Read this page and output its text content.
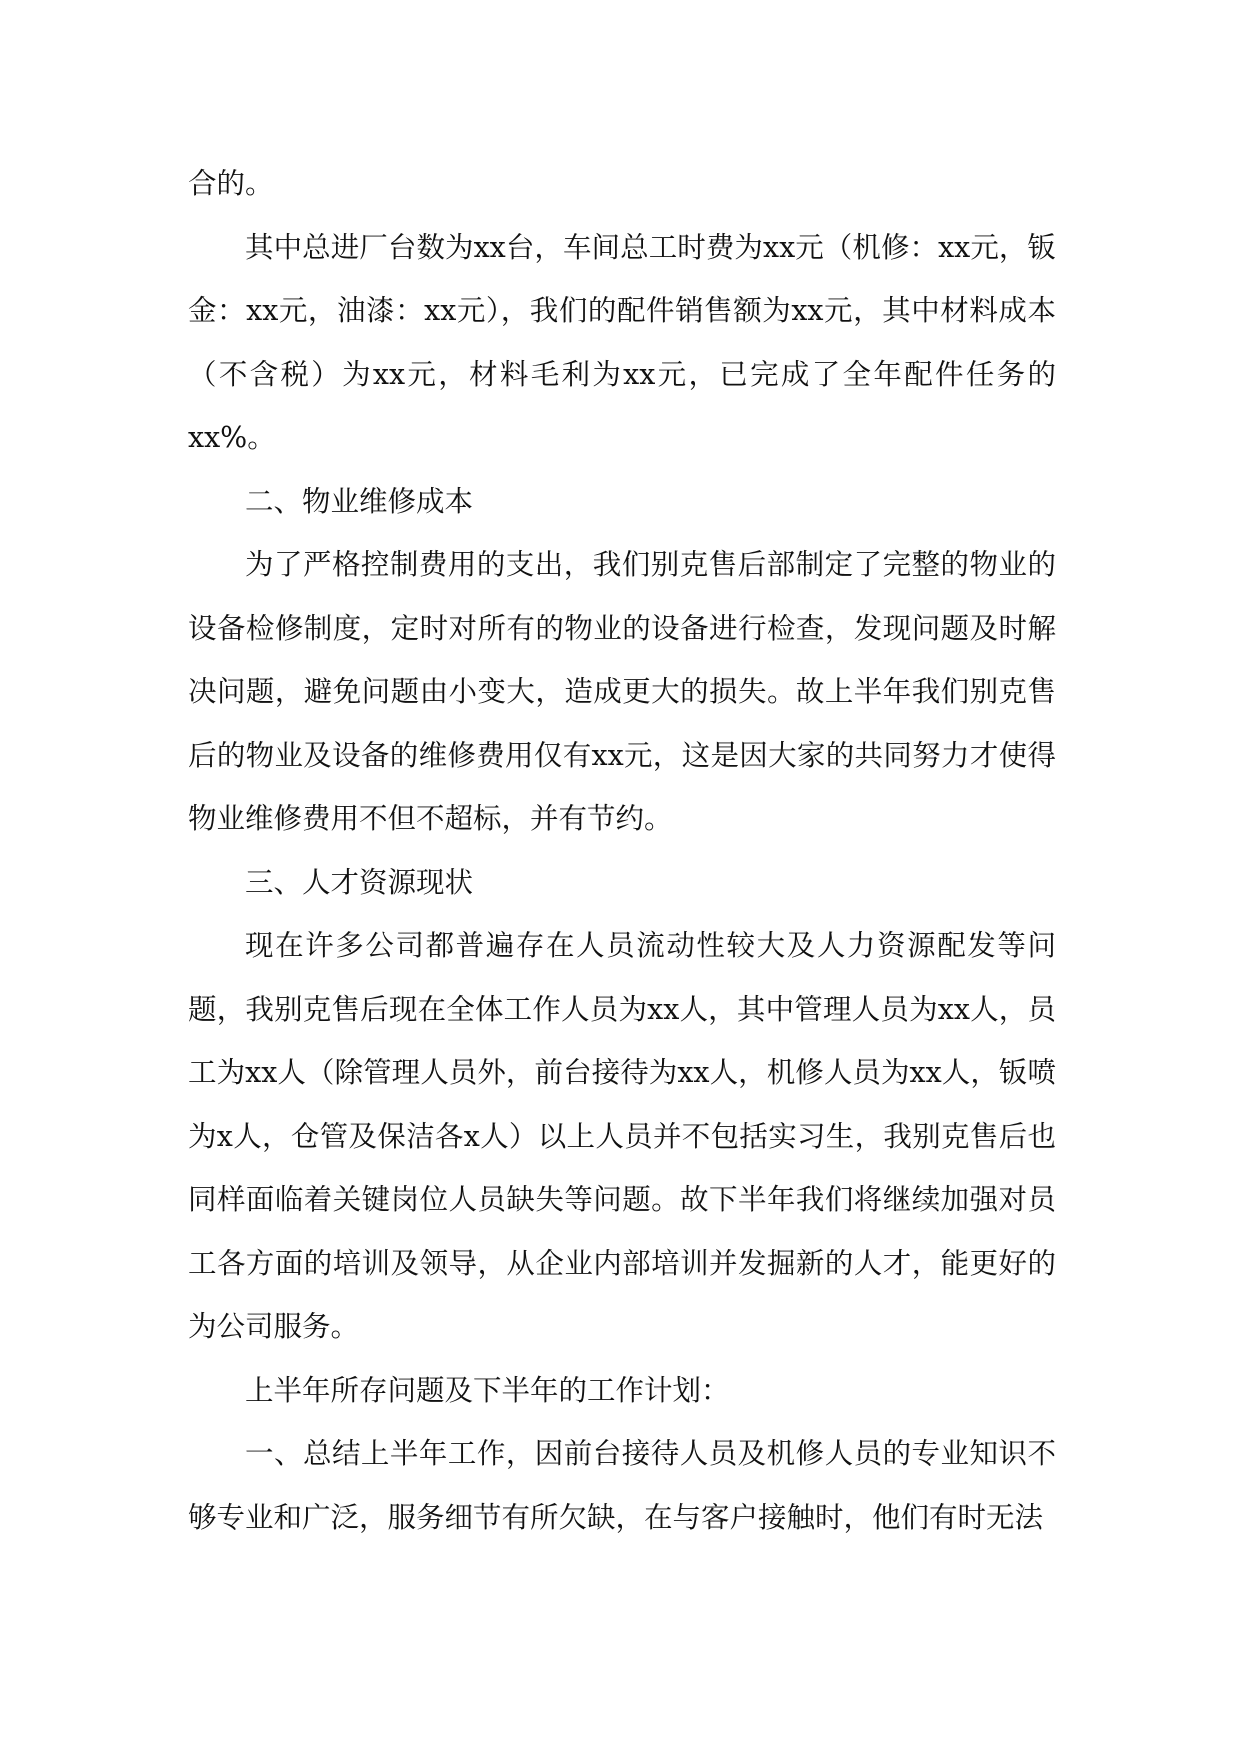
合的。

其中总进厂台数为xx台，车间总工时费为xx元（机修：xx元，钣金：xx元，油漆：xx元），我们的配件销售额为xx元，其中材料成本（不含税）为xx元，材料毛利为xx元，已完成了全年配件任务的xx%。

二、物业维修成本

为了严格控制费用的支出，我们别克售后部制定了完整的物业的设备检修制度，定时对所有的物业的设备进行检查，发现问题及时解决问题，避免问题由小变大，造成更大的损失。故上半年我们别克售后的物业及设备的维修费用仅有xx元，这是因大家的共同努力才使得物业维修费用不但不超标，并有节约。

三、人才资源现状

现在许多公司都普遍存在人员流动性较大及人力资源配发等问题，我别克售后现在全体工作人员为xx人，其中管理人员为xx人，员工为xx人（除管理人员外，前台接待为xx人，机修人员为xx人，钣喷为x人，仓管及保洁各x人）以上人员并不包括实习生，我别克售后也同样面临着关键岗位人员缺失等问题。故下半年我们将继续加强对员工各方面的培训及领导，从企业内部培训并发掘新的人才，能更好的为公司服务。

上半年所存问题及下半年的工作计划：

一、总结上半年工作，因前台接待人员及机修人员的专业知识不够专业和广泛，服务细节有所欠缺，在与客户接触时，他们有时无法
